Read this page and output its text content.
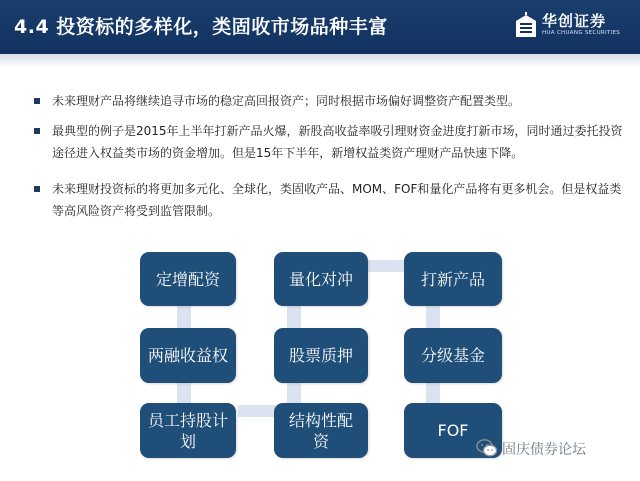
4.4 投资标的多样化，类固收市场品种丰富	华创证券
HUA CHUANG SECURITIES
未来理财产品将继续追寻市场的稳定高回报资产；同时根据市场偏好调整资产配置类型。
最典型的例子是2015年上半年打新产品火爆，新股高收益率吸引理财资金进度打新市场，同时通过委托投资途径进入权益类市场的资金增加。但是15年下半年，新增权益类资产理财产品快速下降。
未来理财投资标的将更加多元化、全球化，类固收产品、MOM、FOF和量化产品将有更多机会。但是权益类等高风险资产将受到监管限制。
定增配资
两融收益权
员工持股计划
量化对冲
股票质押
结构性配资
打新产品
分级基金
FOF
固庆债券论坛
